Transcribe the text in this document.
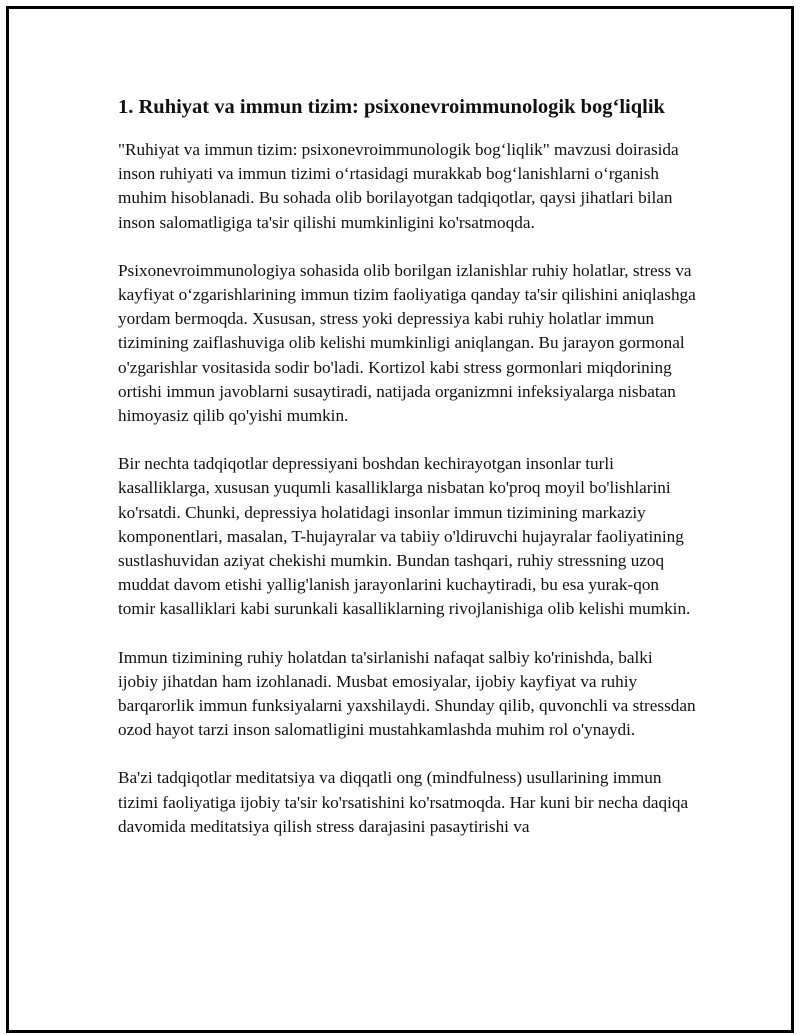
1. Ruhiyat va immun tizim: psixonevroimmunologik bog‘liqlik

"Ruhiyat va immun tizim: psixonevroimmunologik bog‘liqlik" mavzusi doirasida inson ruhiyati va immun tizimi o‘rtasidagi murakkab bog‘lanishlarni o‘rganish muhim hisoblanadi. Bu sohada olib borilayotgan tadqiqotlar, qaysi jihatlari bilan inson salomatligiga ta'sir qilishi mumkinligini ko'rsatmoqda.

Psixonevroimmunologiya sohasida olib borilgan izlanishlar ruhiy holatlar, stress va kayfiyat o‘zgarishlarining immun tizim faoliyatiga qanday ta'sir qilishini aniqlashga yordam bermoqda. Xususan, stress yoki depressiya kabi ruhiy holatlar immun tizimining zaiflashuviga olib kelishi mumkinligi aniqlangan. Bu jarayon gormonal o'zgarishlar vositasida sodir bo'ladi. Kortizol kabi stress gormonlari miqdorining ortishi immun javoblarni susaytiradi, natijada organizmni infeksiyalarga nisbatan himoyasiz qilib qo'yishi mumkin.

Bir nechta tadqiqotlar depressiyani boshdan kechirayotgan insonlar turli kasalliklarga, xususan yuqumli kasalliklarga nisbatan ko'proq moyil bo'lishlarini ko'rsatdi. Chunki, depressiya holatidagi insonlar immun tizimining markaziy komponentlari, masalan, T-hujayralar va tabiiy o'ldiruvchi hujayralar faoliyatining sustlashuvidan aziyat chekishi mumkin. Bundan tashqari, ruhiy stressning uzoq muddat davom etishi yallig'lanish jarayonlarini kuchaytiradi, bu esa yurak-qon tomir kasalliklari kabi surunkali kasalliklarning rivojlanishiga olib kelishi mumkin.

Immun tizimining ruhiy holatdan ta'sirlanishi nafaqat salbiy ko'rinishda, balki ijobiy jihatdan ham izohlanadi. Musbat emosiyalar, ijobiy kayfiyat va ruhiy barqarorlik immun funksiyalarni yaxshilaydi. Shunday qilib, quvonchli va stressdan ozod hayot tarzi inson salomatligini mustahkamlashda muhim rol o'ynaydi.

Ba'zi tadqiqotlar meditatsiya va diqqatli ong (mindfulness) usullarining immun tizimi faoliyatiga ijobiy ta'sir ko'rsatishini ko'rsatmoqda. Har kuni bir necha daqiqa davomida meditatsiya qilish stress darajasini pasaytirishi va
